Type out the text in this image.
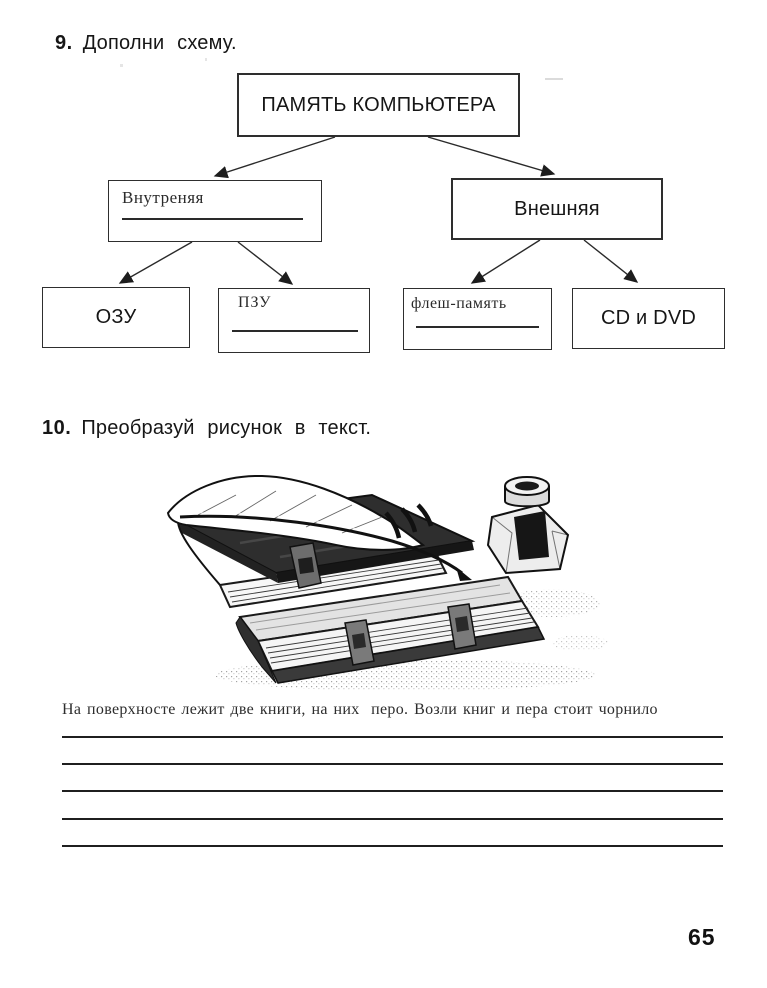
9. Дополни схему.
ПАМЯТЬ КОМПЬЮТЕРА
Внутреняя	Внешняя
ОЗУ
ПЗУ	флеш-память
CD и DVD
10. Преобразуй рисунок в текст.
На поверхносте лежит две книги, на них  перо. Возли книг и пера стоит чорнило
65
